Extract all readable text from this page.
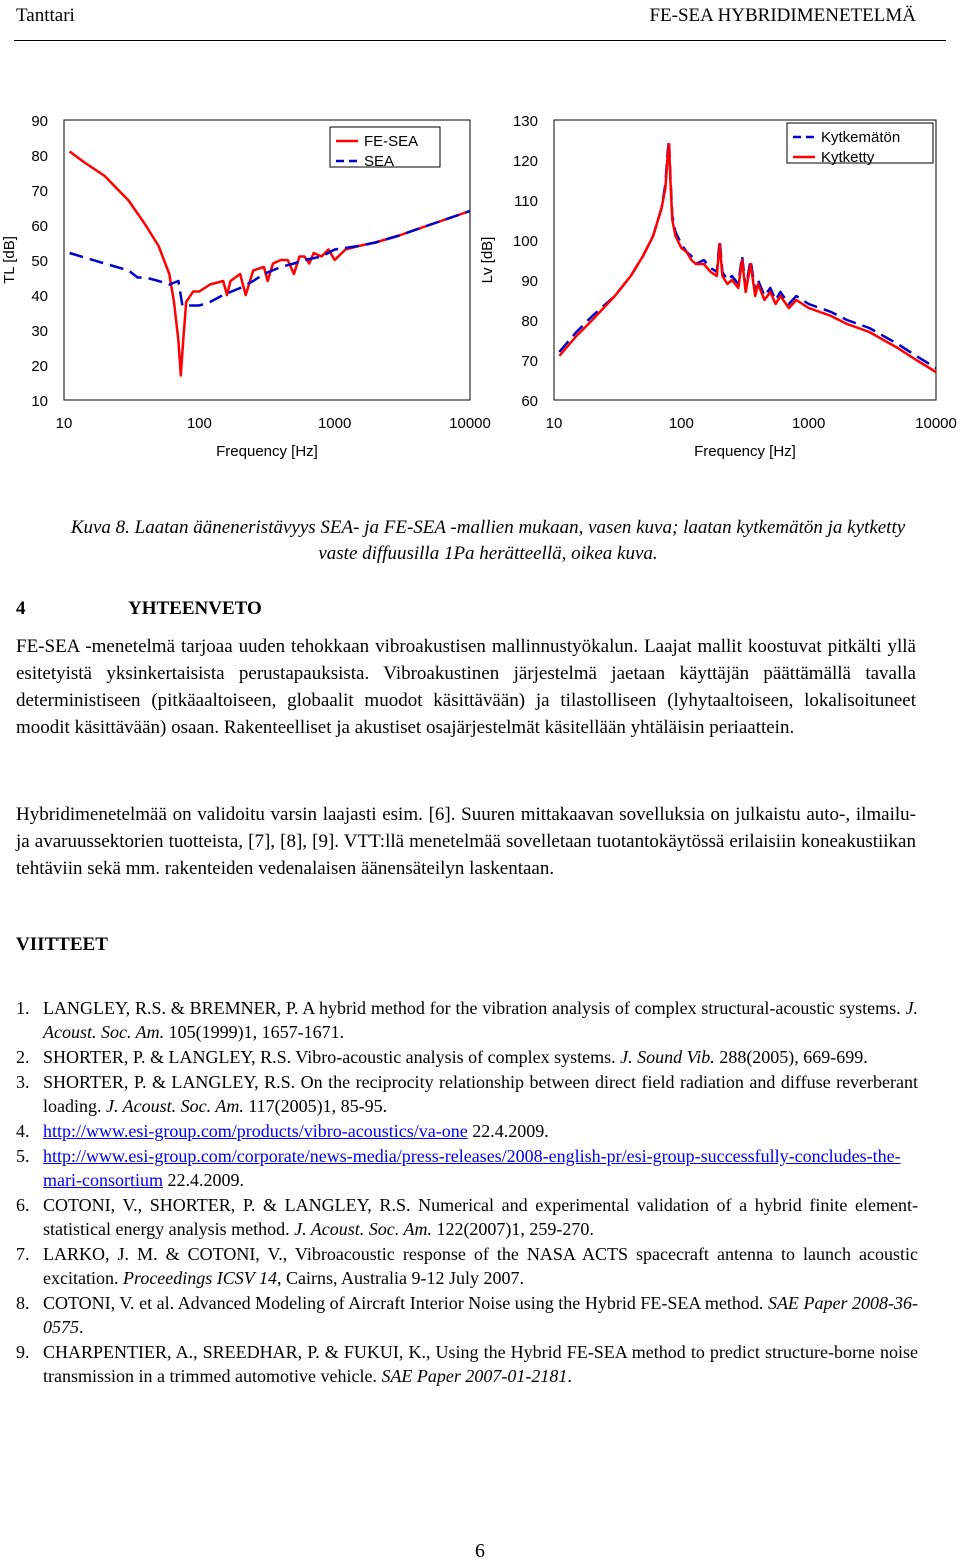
Tanttari	FE-SEA HYBRIDIMENETELMÄ
90
80
70
60
50
40
30
20
10
10	100	1000	10000
Frequency [Hz]
TL [dB]
FE-SEA
SEA
130
120
110
100
90
80
70
60
10	100	1000	10000
Frequency [Hz]
Lv [dB]
Kytkemätön
Kytketty
Kuva 8. Laatan ääneneristävyys SEA- ja FE-SEA -mallien mukaan, vasen kuva; laatan kytkemätön ja kytketty vaste diffuusilla 1Pa herätteellä, oikea kuva.
4	YHTEENVETO

FE-SEA -menetelmä tarjoaa uuden tehokkaan vibroakustisen mallinnustyökalun. Laajat mallit koostuvat pitkälti yllä esitetyistä yksinkertaisista perustapauksista. Vibroakustinen järjestelmä jaetaan käyttäjän päättämällä tavalla deterministiseen (pitkäaaltoiseen, globaalit muodot käsittävään) ja tilastolliseen (lyhytaaltoiseen, lokalisoituneet moodit käsittävään) osaan. Rakenteelliset ja akustiset osajärjestelmät käsitellään yhtäläisin periaattein.

Hybridimenetelmää on validoitu varsin laajasti esim. [6]. Suuren mittakaavan sovelluksia on julkaistu auto-, ilmailu- ja avaruussektorien tuotteista, [7], [8], [9]. VTT:llä menetelmää sovelletaan tuotantokäytössä erilaisiin koneakustiikan tehtäviin sekä mm. rakenteiden vedenalaisen äänensäteilyn laskentaan.

VIITTEET
1. LANGLEY, R.S. & BREMNER, P. A hybrid method for the vibration analysis of complex structural-acoustic systems. J. Acoust. Soc. Am. 105(1999)1, 1657-1671.
2. SHORTER, P. & LANGLEY, R.S. Vibro-acoustic analysis of complex systems. J. Sound Vib. 288(2005), 669-699.
3. SHORTER, P. & LANGLEY, R.S. On the reciprocity relationship between direct field radiation and diffuse reverberant loading. J. Acoust. Soc. Am. 117(2005)1, 85-95.
4. http://www.esi-group.com/products/vibro-acoustics/va-one 22.4.2009.
5. http://www.esi-group.com/corporate/news-media/press-releases/2008-english-pr/esi-group-successfully-concludes-the-mari-consortium 22.4.2009.
6. COTONI, V., SHORTER, P. & LANGLEY, R.S. Numerical and experimental validation of a hybrid finite element-statistical energy analysis method. J. Acoust. Soc. Am. 122(2007)1, 259-270.
7. LARKO, J. M. & COTONI, V., Vibroacoustic response of the NASA ACTS spacecraft antenna to launch acoustic excitation. Proceedings ICSV 14, Cairns, Australia 9-12 July 2007.
8. COTONI, V. et al. Advanced Modeling of Aircraft Interior Noise using the Hybrid FE-SEA method. SAE Paper 2008-36-0575.
9. CHARPENTIER, A., SREEDHAR, P. & FUKUI, K., Using the Hybrid FE-SEA method to predict structure-borne noise transmission in a trimmed automotive vehicle. SAE Paper 2007-01-2181.
6
